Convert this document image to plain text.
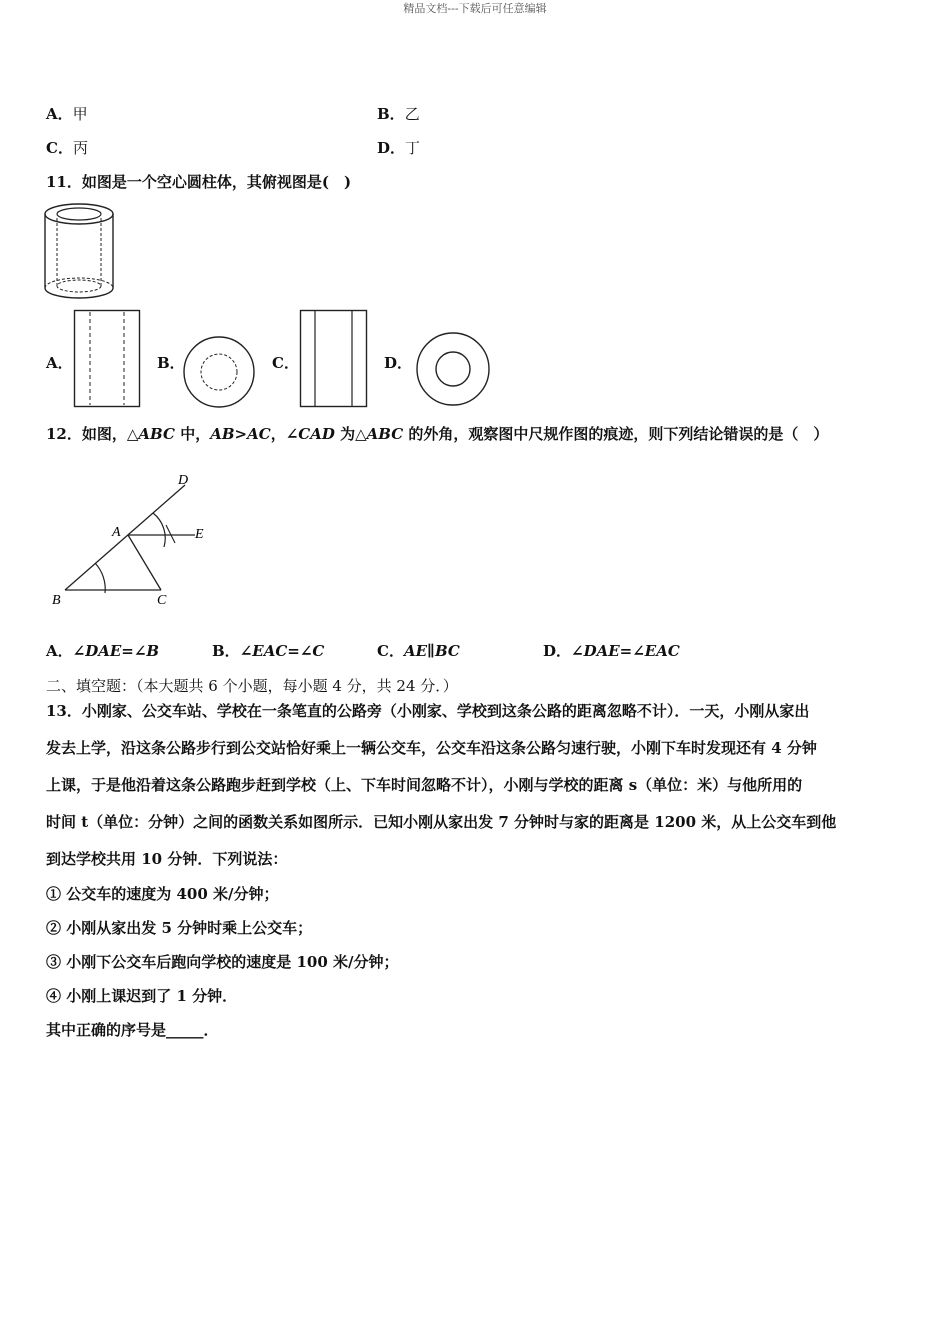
精品文档---下载后可任意编辑
A．甲	B．乙
C．丙	D．丁
11．如图是一个空心圆柱体，其俯视图是(　)
A．	B．	C．	D．
12．如图，△ABC 中，AB>AC，∠CAD 为△ABC 的外角，观察图中尺规作图的痕迹，则下列结论错误的是（　）
D
A	E
B	C
A．∠DAE=∠B	B．∠EAC=∠C	C．AE∥BC	D．∠DAE=∠EAC
二、填空题：（本大题共 6 个小题，每小题 4 分，共 24 分．）
13．小刚家、公交车站、学校在一条笔直的公路旁（小刚家、学校到这条公路的距离忽略不计）．一天，小刚从家出
发去上学，沿这条公路步行到公交站恰好乘上一辆公交车，公交车沿这条公路匀速行驶，小刚下车时发现还有 4 分钟
上课，于是他沿着这条公路跑步赶到学校（上、下车时间忽略不计），小刚与学校的距离 s（单位：米）与他所用的
时间 t（单位：分钟）之间的函数关系如图所示．已知小刚从家出发 7 分钟时与家的距离是 1200 米，从上公交车到他
到达学校共用 10 分钟．下列说法：
① 公交车的速度为 400 米/分钟；
② 小刚从家出发 5 分钟时乘上公交车；
③ 小刚下公交车后跑向学校的速度是 100 米/分钟；
④ 小刚上课迟到了 1 分钟．
其中正确的序号是_____．
